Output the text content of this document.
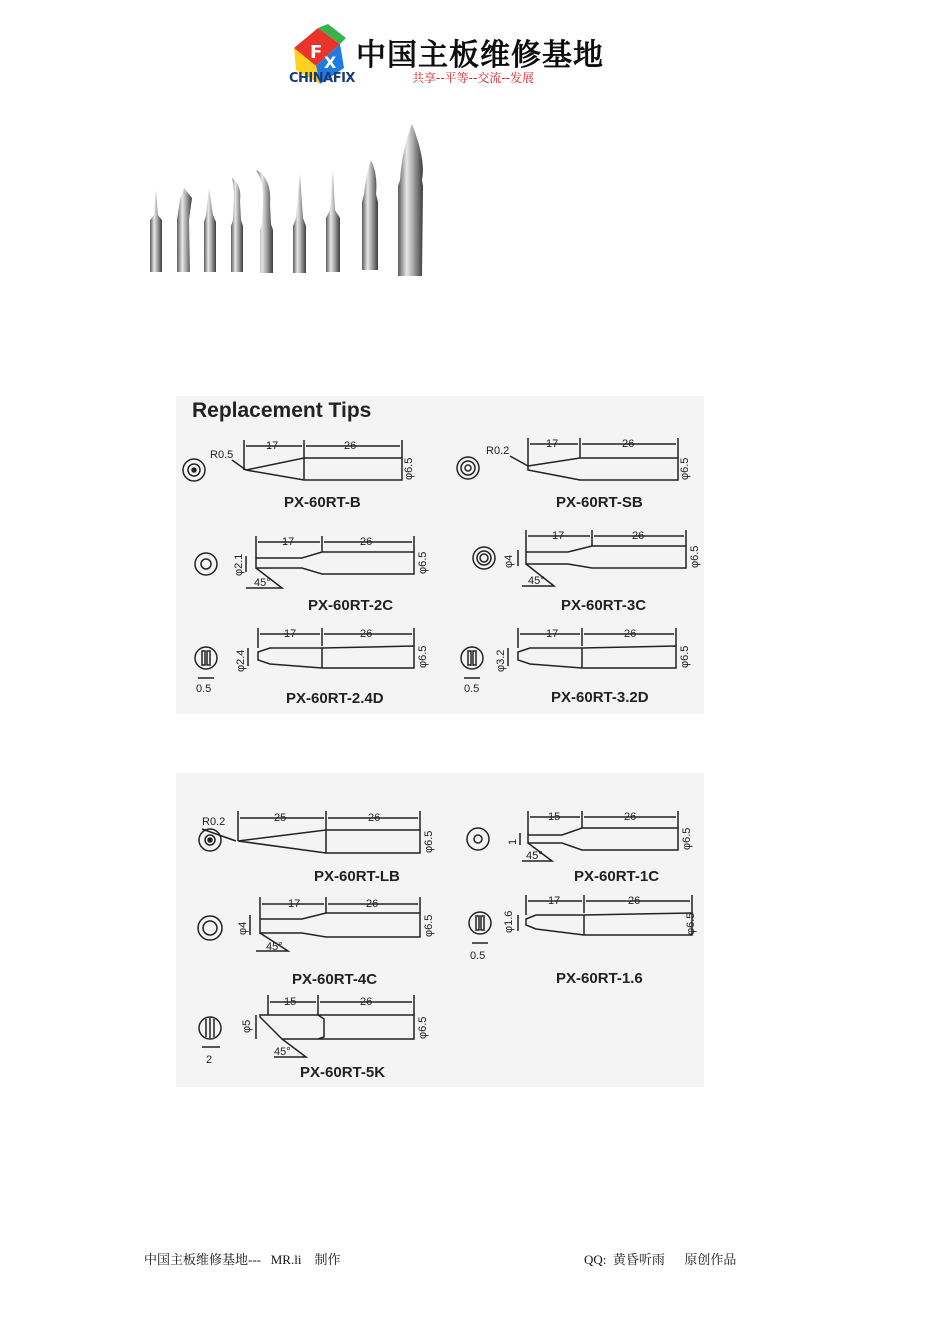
F X
CHINAFIX
中国主板维修基地
共享--平等--交流--发展
R0.5
17	26
φ6.5
R0.2
17	26
φ6.5
17	26
φ2.1
45°
φ6.5
17	26
φ4
45°
φ6.5
17	26
φ2.4
0.5
φ6.5
17	26
φ3.2
0.5
φ6.5
Replacement Tips
PX-60RT-B	PX-60RT-SB
PX-60RT-2C	PX-60RT-3C
PX-60RT-2.4D	PX-60RT-3.2D
R0.2	25	26
φ6.5
15	26
1
45°
φ6.5
17	26
φ4
45°
φ6.5
17	26
φ1.6
0.5
φ6.5
15	26
φ5
2
45°
φ6.5
PX-60RT-LB	PX-60RT-1C
PX-60RT-4C	PX-60RT-1.6
PX-60RT-5K
中国主板维修基地---   MR.li    制作	QQ:  黄昏听雨      原创作品
